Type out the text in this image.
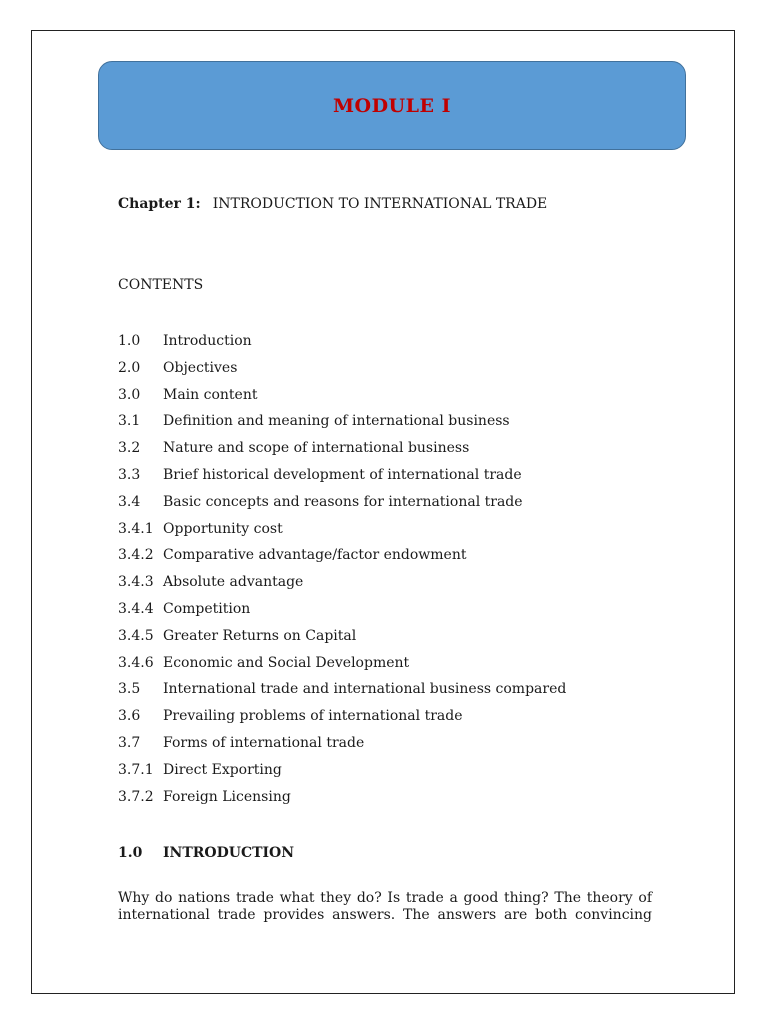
MODULE I
Chapter 1: INTRODUCTION TO INTERNATIONAL TRADE
CONTENTS
1.0	Introduction
2.0	Objectives
3.0	Main content
3.1	Definition and meaning of international business
3.2	Nature and scope of international business
3.3	Brief historical development of international trade
3.4	Basic concepts and reasons for international trade
3.4.1 Opportunity cost
3.4.2 Comparative advantage/factor endowment
3.4.3 Absolute advantage
3.4.4 Competition
3.4.5 Greater Returns on Capital
3.4.6 Economic and Social Development
3.5	International trade and international business compared
3.6	Prevailing problems of international trade
3.7	Forms of international trade
3.7.1 Direct Exporting
3.7.2 Foreign Licensing
1.0 INTRODUCTION

Why do nations trade what they do? Is trade a good thing? The theory of international trade provides answers. The answers are both convincing
